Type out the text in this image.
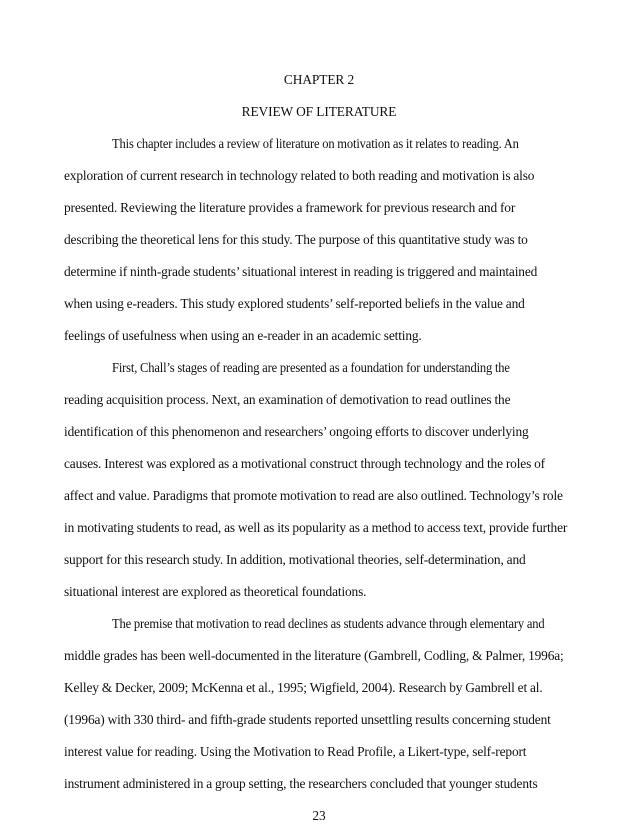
CHAPTER 2
REVIEW OF LITERATURE
This chapter includes a review of literature on motivation as it relates to reading. An
exploration of current research in technology related to both reading and motivation is also
presented. Reviewing the literature provides a framework for previous research and for
describing the theoretical lens for this study. The purpose of this quantitative study was to
determine if ninth-grade students’ situational interest in reading is triggered and maintained
when using e-readers. This study explored students’ self-reported beliefs in the value and
feelings of usefulness when using an e-reader in an academic setting.
First, Chall’s stages of reading are presented as a foundation for understanding the
reading acquisition process. Next, an examination of demotivation to read outlines the
identification of this phenomenon and researchers’ ongoing efforts to discover underlying
causes. Interest was explored as a motivational construct through technology and the roles of
affect and value. Paradigms that promote motivation to read are also outlined. Technology’s role
in motivating students to read, as well as its popularity as a method to access text, provide further
support for this research study. In addition, motivational theories, self-determination, and
situational interest are explored as theoretical foundations.
The premise that motivation to read declines as students advance through elementary and
middle grades has been well-documented in the literature (Gambrell, Codling, & Palmer, 1996a;
Kelley & Decker, 2009; McKenna et al., 1995; Wigfield, 2004). Research by Gambrell et al.
(1996a) with 330 third- and fifth-grade students reported unsettling results concerning student
interest value for reading. Using the Motivation to Read Profile, a Likert-type, self-report
instrument administered in a group setting, the researchers concluded that younger students
23
